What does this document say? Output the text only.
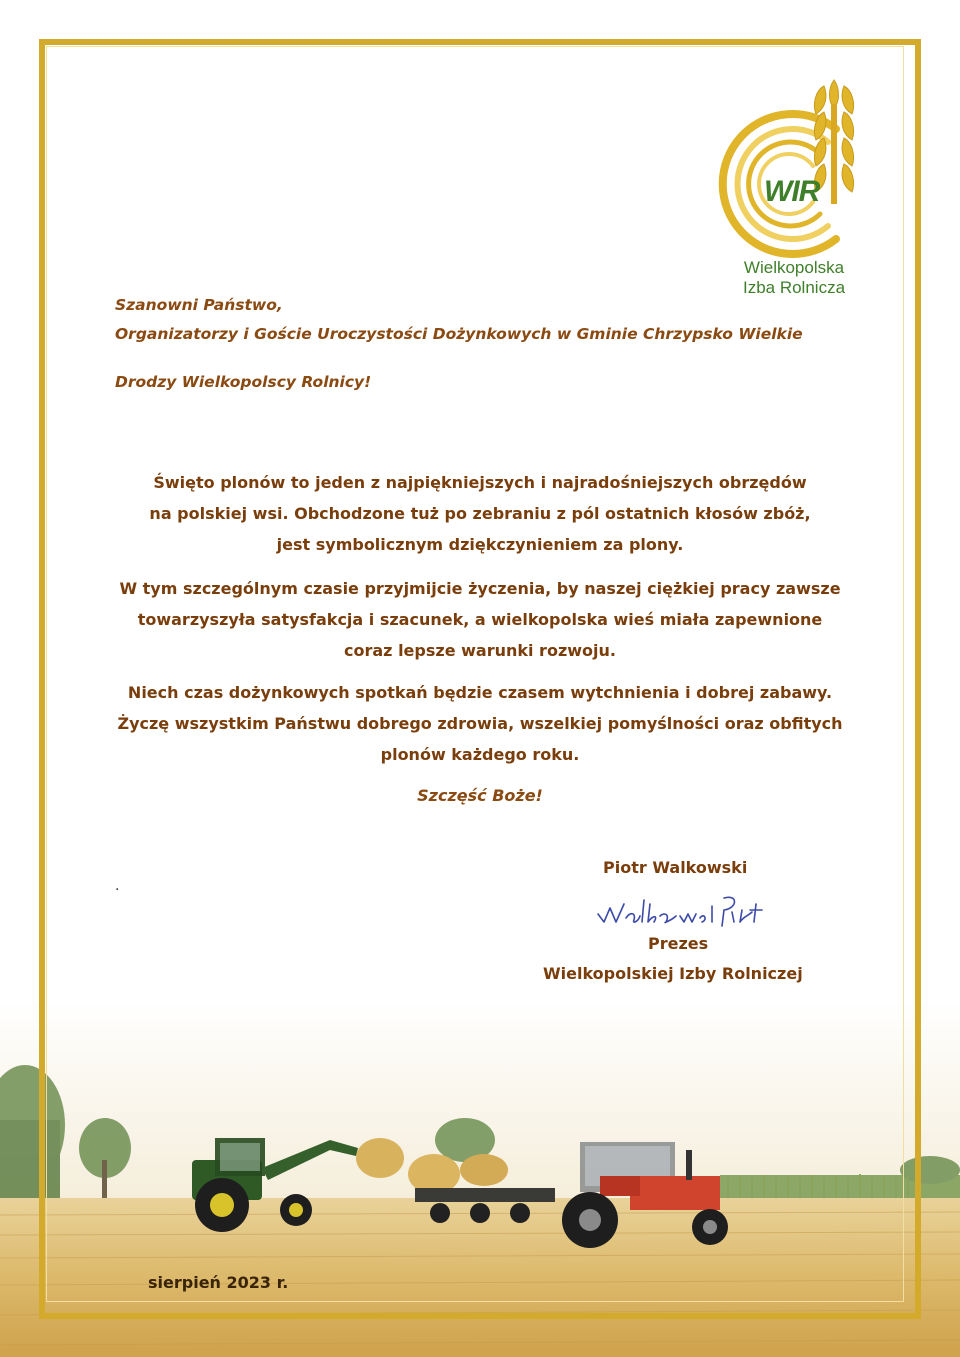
WIR
Wielkopolska
Izba Rolnicza
Szanowni Państwo,
Organizatorzy i Goście Uroczystości Dożynkowych w Gminie Chrzypsko Wielkie
Drodzy Wielkopolscy Rolnicy!
Święto plonów to jeden z najpiękniejszych i najradośniejszych obrzędów
na polskiej wsi. Obchodzone tuż po zebraniu z pól ostatnich kłosów zbóż,
jest symbolicznym dziękczynieniem za plony.
W tym szczególnym czasie przyjmijcie życzenia, by naszej ciężkiej pracy zawsze
towarzyszyła satysfakcja i szacunek, a wielkopolska wieś miała zapewnione
coraz lepsze warunki rozwoju.
Niech czas dożynkowych spotkań będzie czasem wytchnienia i dobrej zabawy.
Życzę wszystkim Państwu dobrego zdrowia, wszelkiej pomyślności oraz obfitych
plonów każdego roku.
Szczęść Boże!
.
Piotr Walkowski
Prezes
Wielkopolskiej Izby Rolniczej
sierpień 2023 r.
